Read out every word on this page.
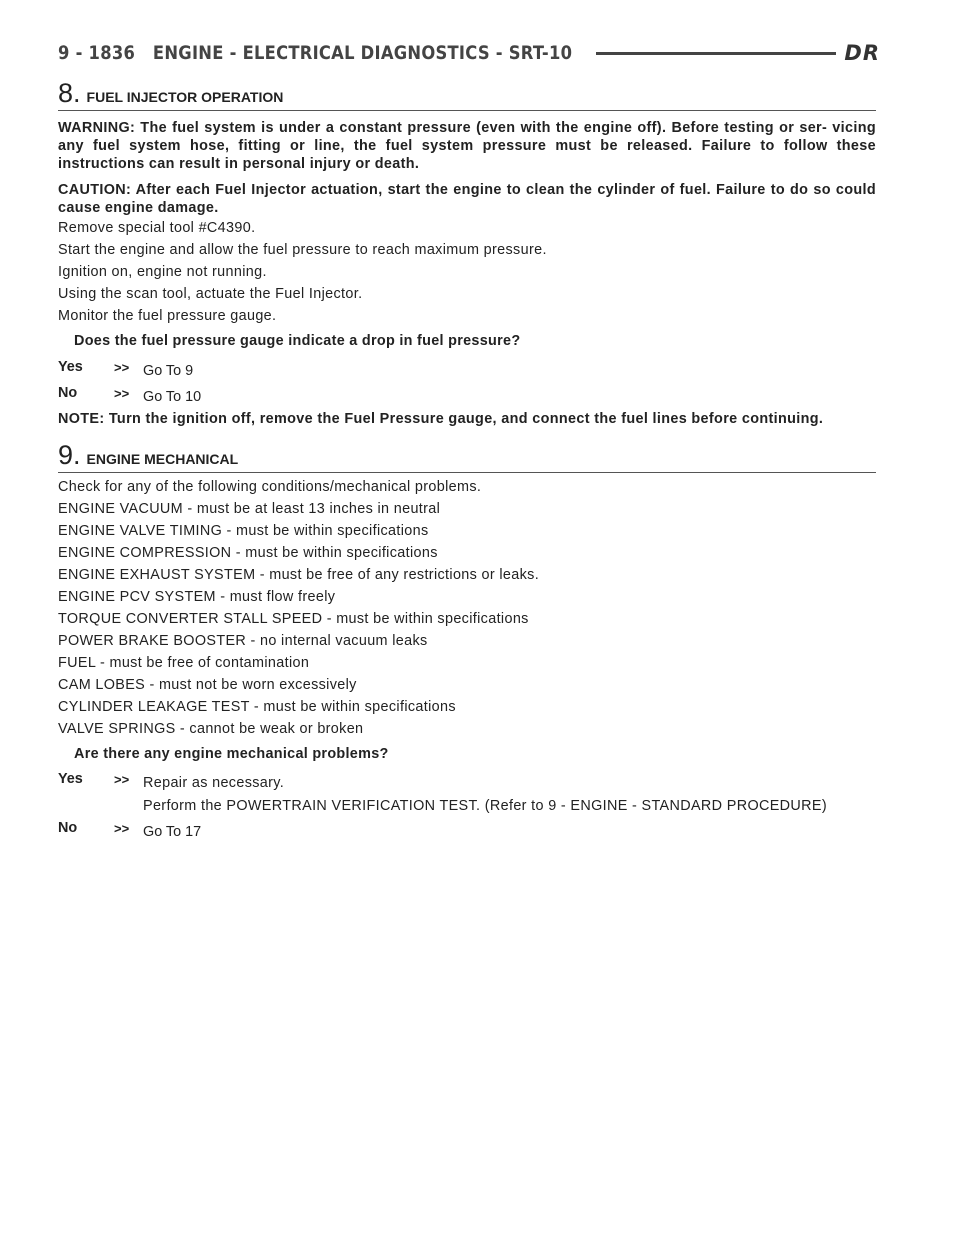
9 - 1836 ENGINE - ELECTRICAL DIAGNOSTICS - SRT-10	DR
8. FUEL INJECTOR OPERATION
WARNING: The fuel system is under a constant pressure (even with the engine off). Before testing or ser- vicing any fuel system hose, fitting or line, the fuel system pressure must be released. Failure to follow these instructions can result in personal injury or death.
CAUTION: After each Fuel Injector actuation, start the engine to clean the cylinder of fuel. Failure to do so could cause engine damage.
Remove special tool #C4390.
Start the engine and allow the fuel pressure to reach maximum pressure.
Ignition on, engine not running.
Using the scan tool, actuate the Fuel Injector.
Monitor the fuel pressure gauge.
Does the fuel pressure gauge indicate a drop in fuel pressure?
Yes >> Go To 9
No	>> Go To 10
NOTE: Turn the ignition off, remove the Fuel Pressure gauge, and connect the fuel lines before continuing.
9. ENGINE MECHANICAL
Check for any of the following conditions/mechanical problems.
ENGINE VACUUM - must be at least 13 inches in neutral
ENGINE VALVE TIMING - must be within specifications
ENGINE COMPRESSION - must be within specifications
ENGINE EXHAUST SYSTEM - must be free of any restrictions or leaks.
ENGINE PCV SYSTEM - must flow freely
TORQUE CONVERTER STALL SPEED - must be within specifications
POWER BRAKE BOOSTER - no internal vacuum leaks
FUEL - must be free of contamination
CAM LOBES - must not be worn excessively
CYLINDER LEAKAGE TEST - must be within specifications
VALVE SPRINGS - cannot be weak or broken
Are there any engine mechanical problems?
Yes >> Repair as necessary.
Perform the POWERTRAIN VERIFICATION TEST. (Refer to 9 - ENGINE - STANDARD PROCEDURE)
No	>> Go To 17
